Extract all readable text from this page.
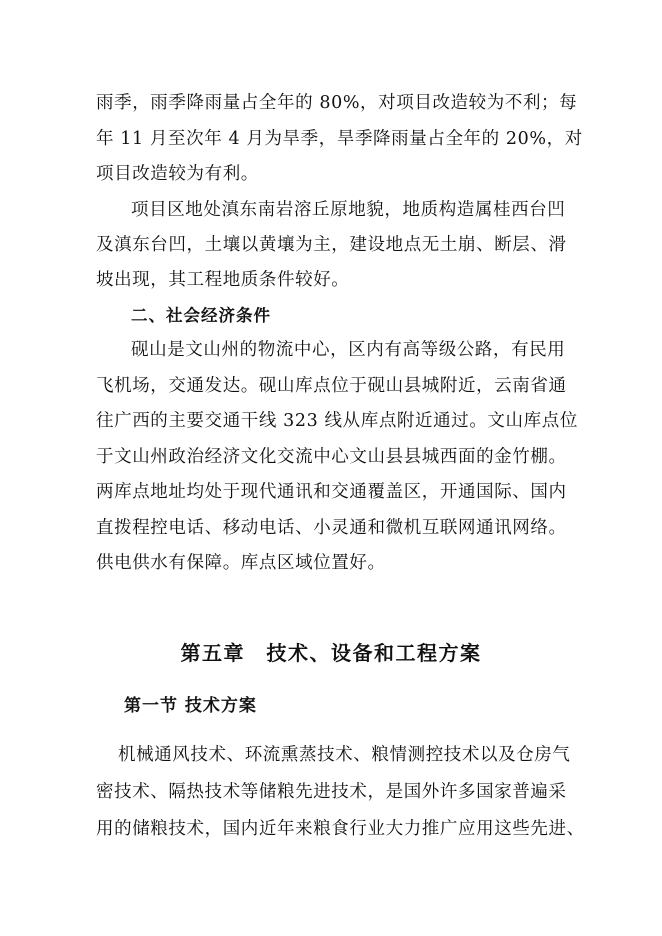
雨季，雨季降雨量占全年的 80%，对项目改造较为不利；每
年 11 月至次年 4 月为旱季，旱季降雨量占全年的 20%，对
项目改造较为有利。
项目区地处滇东南岩溶丘原地貌，地质构造属桂西台凹
及滇东台凹，土壤以黄壤为主，建设地点无土崩、断层、滑
坡出现，其工程地质条件较好。
二、社会经济条件
砚山是文山州的物流中心，区内有高等级公路，有民用
飞机场，交通发达。砚山库点位于砚山县城附近，云南省通
往广西的主要交通干线 323 线从库点附近通过。文山库点位
于文山州政治经济文化交流中心文山县县城西面的金竹棚。
两库点地址均处于现代通讯和交通覆盖区，开通国际、国内
直拨程控电话、移动电话、小灵通和微机互联网通讯网络。
供电供水有保障。库点区域位置好。
第五章　技术、设备和工程方案
第一节 技术方案
机械通风技术、环流熏蒸技术、粮情测控技术以及仓房气
密技术、隔热技术等储粮先进技术，是国外许多国家普遍采
用的储粮技术，国内近年来粮食行业大力推广应用这些先进、
